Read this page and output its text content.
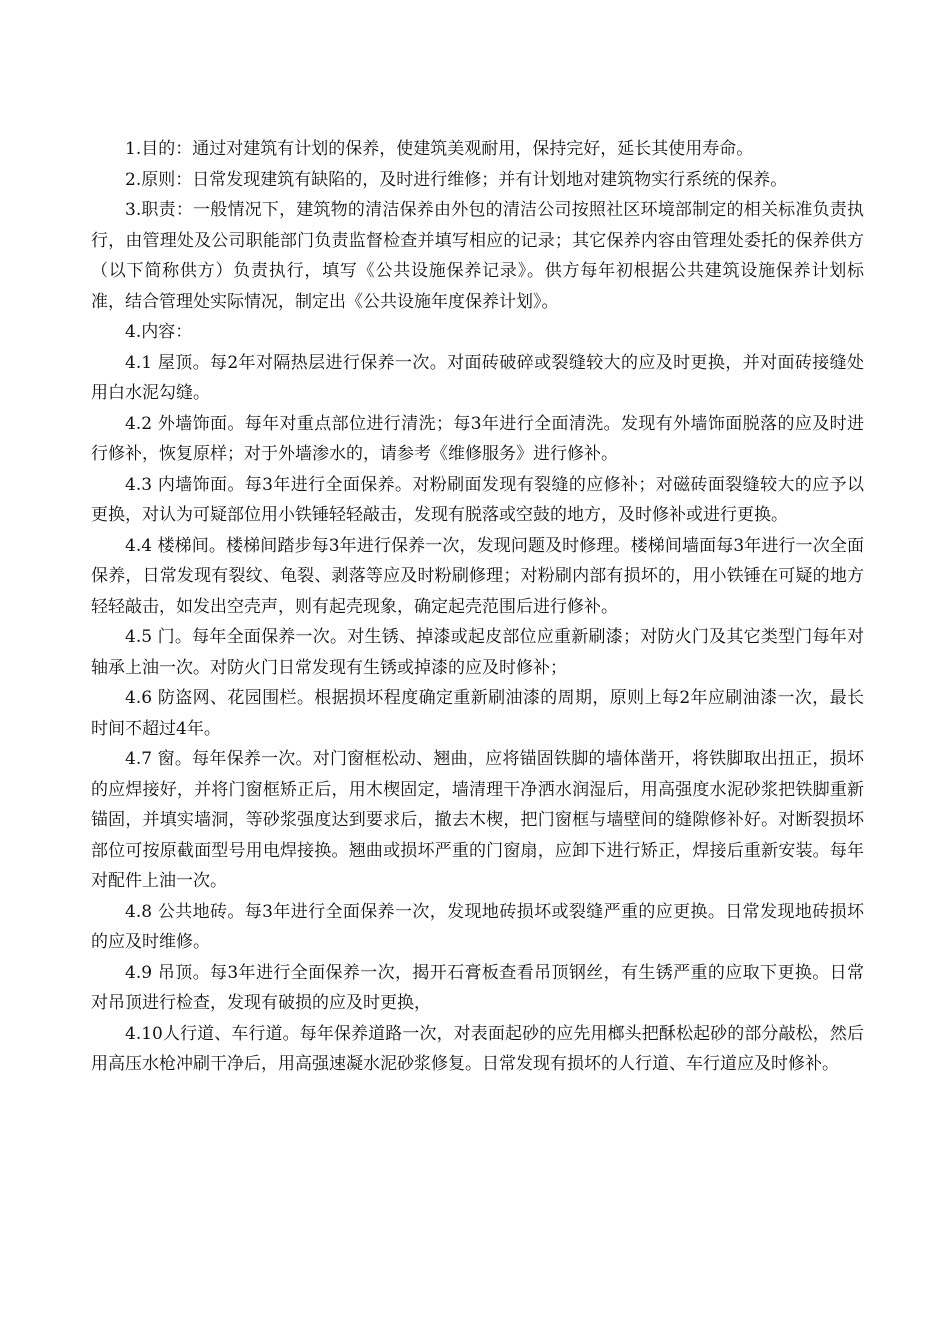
1.目的：通过对建筑有计划的保养，使建筑美观耐用，保持完好，延长其使用寿命。

2.原则：日常发现建筑有缺陷的，及时进行维修；并有计划地对建筑物实行系统的保养。

3.职责：一般情况下，建筑物的清洁保养由外包的清洁公司按照社区环境部制定的相关标准负责执行，由管理处及公司职能部门负责监督检查并填写相应的记录；其它保养内容由管理处委托的保养供方（以下简称供方）负责执行，填写《公共设施保养记录》。供方每年初根据公共建筑设施保养计划标准，结合管理处实际情况，制定出《公共设施年度保养计划》。

4.内容：

4.1 屋顶。每2年对隔热层进行保养一次。对面砖破碎或裂缝较大的应及时更换，并对面砖接缝处用白水泥勾缝。

4.2 外墙饰面。每年对重点部位进行清洗；每3年进行全面清洗。发现有外墙饰面脱落的应及时进行修补，恢复原样；对于外墙渗水的，请参考《维修服务》进行修补。

4.3 内墙饰面。每3年进行全面保养。对粉刷面发现有裂缝的应修补；对磁砖面裂缝较大的应予以更换，对认为可疑部位用小铁锤轻轻敲击，发现有脱落或空鼓的地方，及时修补或进行更换。

4.4 楼梯间。楼梯间踏步每3年进行保养一次，发现问题及时修理。楼梯间墙面每3年进行一次全面保养，日常发现有裂纹、龟裂、剥落等应及时粉刷修理；对粉刷内部有损坏的，用小铁锤在可疑的地方轻轻敲击，如发出空壳声，则有起壳现象，确定起壳范围后进行修补。

4.5 门。每年全面保养一次。对生锈、掉漆或起皮部位应重新刷漆；对防火门及其它类型门每年对轴承上油一次。对防火门日常发现有生锈或掉漆的应及时修补；

4.6 防盗网、花园围栏。根据损坏程度确定重新刷油漆的周期，原则上每2年应刷油漆一次，最长时间不超过4年。

4.7 窗。每年保养一次。对门窗框松动、翘曲，应将锚固铁脚的墙体凿开，将铁脚取出扭正，损坏的应焊接好，并将门窗框矫正后，用木楔固定，墙清理干净洒水润湿后，用高强度水泥砂浆把铁脚重新锚固，并填实墙洞，等砂浆强度达到要求后，撤去木楔，把门窗框与墙壁间的缝隙修补好。对断裂损坏部位可按原截面型号用电焊接换。翘曲或损坏严重的门窗扇，应卸下进行矫正，焊接后重新安装。每年对配件上油一次。

4.8 公共地砖。每3年进行全面保养一次，发现地砖损坏或裂缝严重的应更换。日常发现地砖损坏的应及时维修。

4.9 吊顶。每3年进行全面保养一次，揭开石膏板查看吊顶钢丝，有生锈严重的应取下更换。日常对吊顶进行检查，发现有破损的应及时更换，

4.10人行道、车行道。每年保养道路一次，对表面起砂的应先用榔头把酥松起砂的部分敲松，然后用高压水枪冲刷干净后，用高强速凝水泥砂浆修复。日常发现有损坏的人行道、车行道应及时修补。
